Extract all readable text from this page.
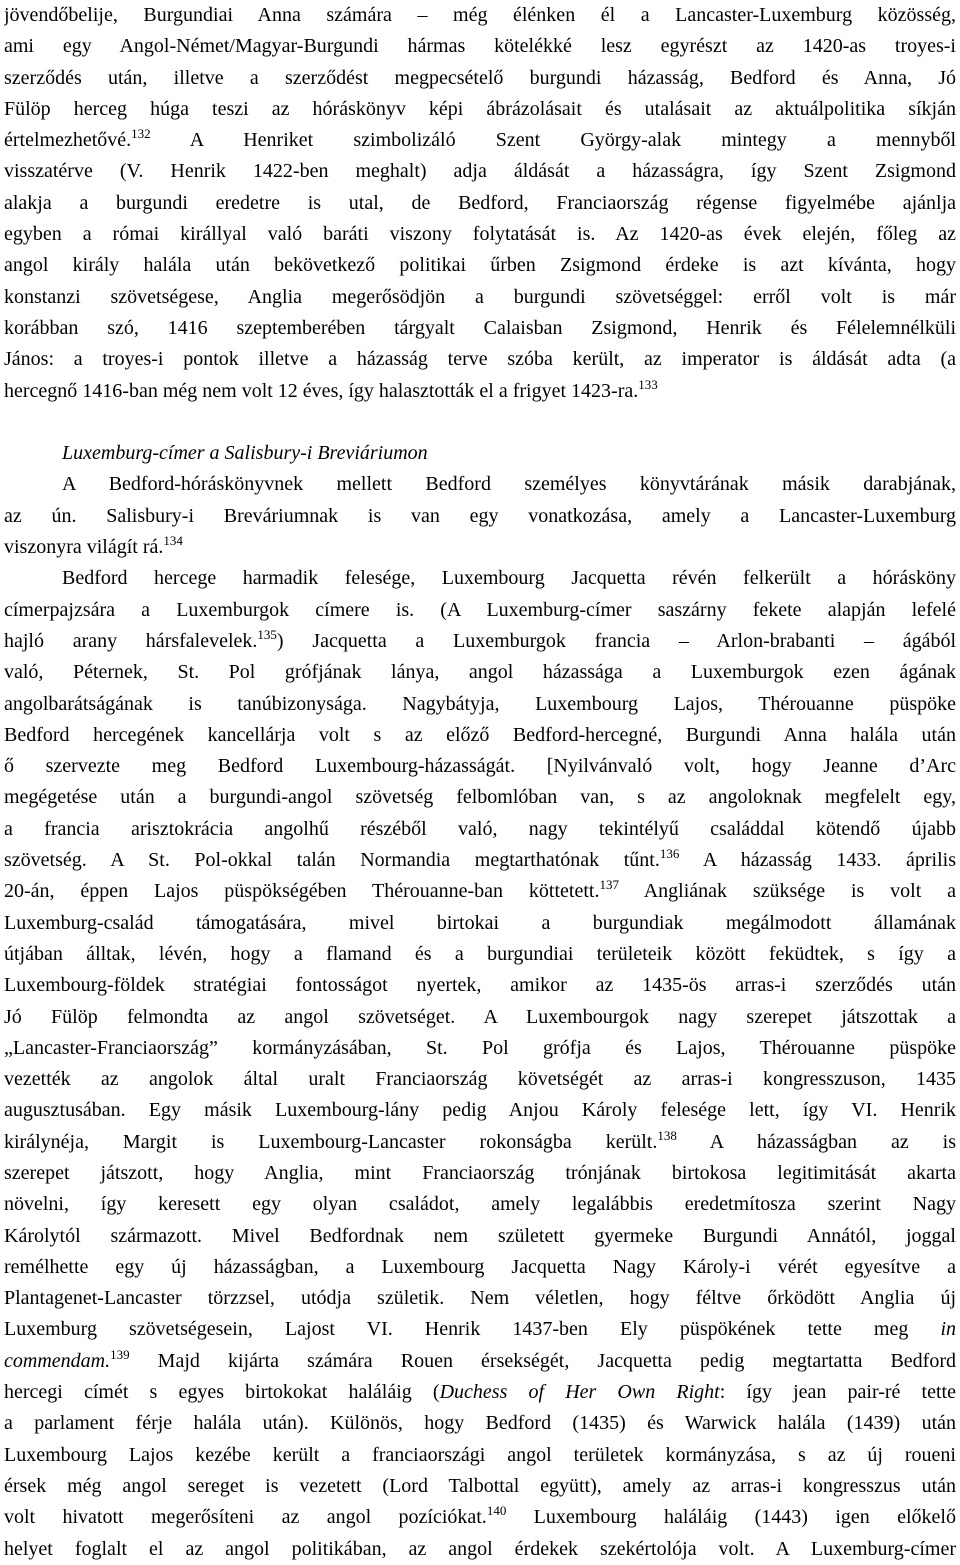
jövendőbelije, Burgundiai Anna számára – még élénken él a Lancaster-Luxemburg közösség,
ami egy Angol-Német/Magyar-Burgundi hármas kötelékké lesz egyrészt az 1420-as troyes-i
szerződés után, illetve a szerződést megpecsételő burgundi házasság, Bedford és Anna, Jó
Fülöp herceg húga teszi az hóráskönyv képi ábrázolásait és utalásait az aktuálpolitika síkján
értelmezhetővé.$^{132}$ A Henriket szimbolizáló Szent György-alak mintegy a mennyből
visszatérve (V. Henrik 1422-ben meghalt) adja áldását a házasságra, így Szent Zsigmond
alakja a burgundi eredetre is utal, de Bedford, Franciaország régense figyelmébe ajánlja
egyben a római királlyal való baráti viszony folytatását is. Az 1420-as évek elején, főleg az
angol király halála után bekövetkező politikai űrben Zsigmond érdeke is azt kívánta, hogy
konstanzi szövetségese, Anglia megerősödjön a burgundi szövetséggel: erről volt is már
korábban szó, 1416 szeptemberében tárgyalt Calaisban Zsigmond, Henrik és Félelemnélküli
János: a troyes-i pontok illetve a házasság terve szóba került, az imperator is áldását adta (a
hercegnő 1416-ban még nem volt 12 éves, így halasztották el a frigyet 1423-ra.$^{133}$
Luxemburg-címer a Salisbury-i Breviáriumon
A Bedford-hóráskönyvnek mellett Bedford személyes könyvtárának másik darabjának,
az ún. Salisbury-i Breváriumnak is van egy vonatkozása, amely a Lancaster-Luxemburg
viszonyra világít rá.$^{134}$
Bedford hercege harmadik felesége, Luxembourg Jacquetta révén felkerült a hórásköny
címerpajzsára a Luxemburgok címere is. (A Luxemburg-címer saszárny fekete alapján lefelé
hajló arany hársfalevelek.$^{135}$) Jacquetta a Luxemburgok francia – Arlon-brabanti – ágából
való, Péternek, St. Pol grófjának lánya, angol házassága a Luxemburgok ezen ágának
angolbarátságának is tanúbizonysága. Nagybátyja, Luxembourg Lajos, Thérouanne püspöke
Bedford hercegének kancellárja volt s az előző Bedford-hercegné, Burgundi Anna halála után
ő szervezte meg Bedford Luxembourg-házasságát. [Nyilvánvaló volt, hogy Jeanne d’Arc
megégetése után a burgundi-angol szövetség felbomlóban van, s az angoloknak megfelelt egy,
a francia arisztokrácia angolhű részéből való, nagy tekintélyű családdal kötendő újabb
szövetség. A St. Pol-okkal talán Normandia megtarthatónak tűnt.$^{136}$ A házasság 1433. április
20-án, éppen Lajos püspökségében Thérouanne-ban köttetett.$^{137}$ Angliának szüksége is volt a
Luxemburg-család támogatására, mivel birtokai a burgundiak megálmodott államának
útjában álltak, lévén, hogy a flamand és a burgundiai területeik között feküdtek, s így a
Luxembourg-földek stratégiai fontosságot nyertek, amikor az 1435-ös arras-i szerződés után
Jó Fülöp felmondta az angol szövetséget. A Luxembourgok nagy szerepet játszottak a
„Lancaster-Franciaország” kormányzásában, St. Pol grófja és Lajos, Thérouanne püspöke
vezették az angolok által uralt Franciaország követségét az arras-i kongresszuson, 1435
augusztusában. Egy másik Luxembourg-lány pedig Anjou Károly felesége lett, így VI. Henrik
királynéja, Margit is Luxembourg-Lancaster rokonságba került.$^{138}$ A házasságban az is
szerepet játszott, hogy Anglia, mint Franciaország trónjának birtokosa legitimitását akarta
növelni, így keresett egy olyan családot, amely legalábbis eredetmítosza szerint Nagy
Károlytól származott. Mivel Bedfordnak nem született gyermeke Burgundi Annától, joggal
remélhette egy új házasságban, a Luxembourg Jacquetta Nagy Károly-i vérét egyesítve a
Plantagenet-Lancaster törzzsel, utódja születik. Nem véletlen, hogy féltve őrködött Anglia új
Luxemburg szövetségesein, Lajost VI. Henrik 1437-ben Ely püspökének tette meg in
commendam.$^{139}$ Majd kijárta számára Rouen érsekségét, Jacquetta pedig megtartatta Bedford
hercegi címét s egyes birtokokat haláláig (Duchess of Her Own Right: így jean pair-ré tette
a parlament férje halála után). Különös, hogy Bedford (1435) és Warwick halála (1439) után
Luxembourg Lajos kezébe került a franciaországi angol területek kormányzása, s az új roueni
érsek még angol sereget is vezetett (Lord Talbottal együtt), amely az arras-i kongresszus után
volt hivatott megerősíteni az angol pozíciókat.$^{140}$ Luxembourg haláláig (1443) igen előkelő
helyet foglalt el az angol politikában, az angol érdekek szekértolója volt. A Luxemburg-címer
